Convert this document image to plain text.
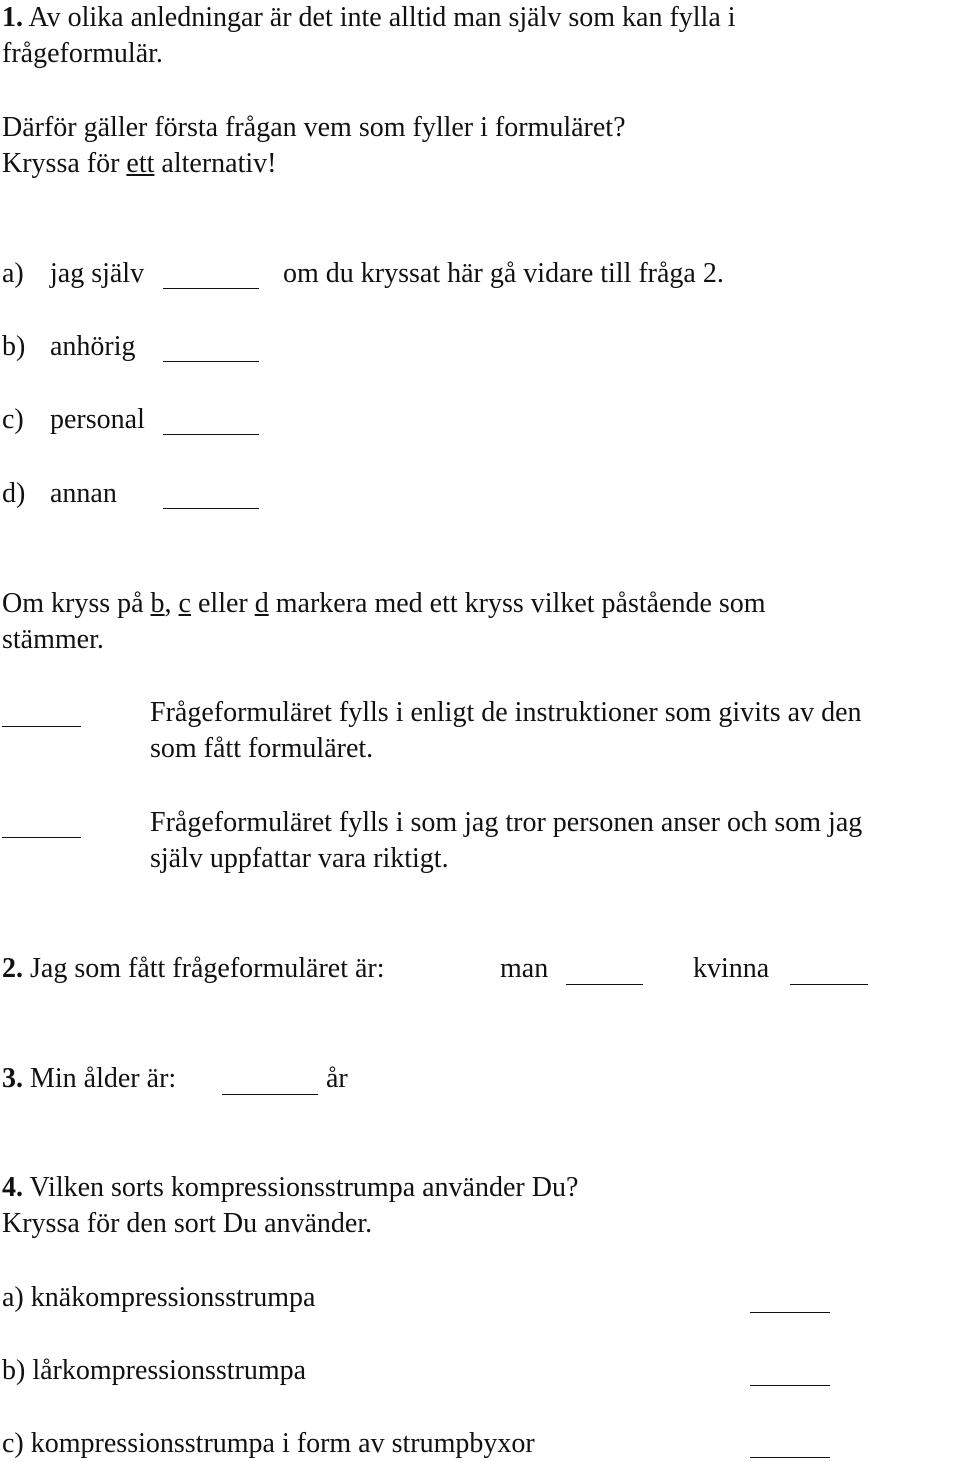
1. Av olika anledningar är det inte alltid man själv som kan fylla i
frågeformulär.
Därför gäller första frågan vem som fyller i formuläret?
Kryssa för ett alternativ!
a) jag själv	om du kryssat här gå vidare till fråga 2.
b) anhörig
c) personal
d) annan
Om kryss på b, c eller d markera med ett kryss vilket påstående som
stämmer.
Frågeformuläret fylls i enligt de instruktioner som givits av den
som fått formuläret.
Frågeformuläret fylls i som jag tror personen anser och som jag
själv uppfattar vara riktigt.
2. Jag som fått frågeformuläret är:	man	kvinna
3. Min ålder är:	år
4. Vilken sorts kompressionsstrumpa använder Du?
Kryssa för den sort Du använder.
a) knäkompressionsstrumpa
b) lårkompressionsstrumpa
c) kompressionsstrumpa i form av strumpbyxor
